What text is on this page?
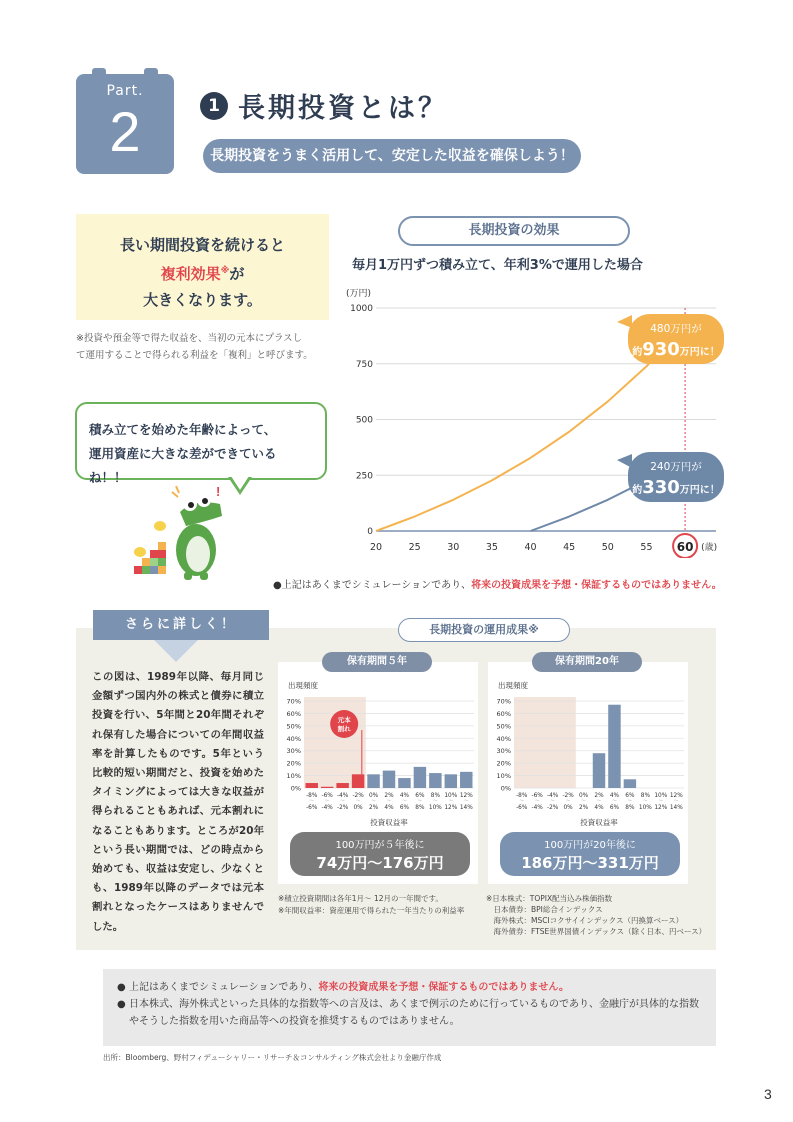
Part.
2	1 長期投資とは？
長期投資をうまく活用して、安定した収益を確保しよう！
長い期間投資を続けると
複利効果※が
大きくなります。
※投資や預金等で得た収益を、当初の元本にプラスし
て運用することで得られる利益を「複利」と呼びます。
積み立てを始めた年齢によって、
運用資産に大きな差ができているね！！
!
長期投資の効果
毎月1万円ずつ積み立て、年利3%で運用した場合
(万円)
0
250
500
750
1000
20	25	30	35	40	45	50	55 60 (歳)
480万円が
約930万円に！
240万円が
約330万円に！
●上記はあくまでシミュレーションであり、将来の投資成果を予想・保証するものではありません。
さらに詳しく！
この図は、1989年以降、毎月同じ金額ずつ国内外の株式と債券に積立投資を行い、5年間と20年間それぞれ保有した場合についての年間収益率を計算したものです。5年という比較的短い期間だと、投資を始めたタイミングによっては大きな収益が得られることもあれば、元本割れになることもあります。ところが20年という長い期間では、どの時点から始めても、収益は安定し、少なくとも、1989年以降のデータでは元本割れとなったケースはありませんでした。
長期投資の運用成果※
保有期間５年
出現頻度
0%
10%
20%
30%
40%
50%
60%
70%
-8%
〜
-6%
-6%
〜
-4%
-4%
〜
-2%
-2%
〜
0%
0%
〜
2%
2%
〜
4%
4%
〜
6%
6%
〜
8%
8%
〜
10%
10%
〜
12%
12%
〜
14%
投資収益率
元本
割れ
100万円が５年後に
74万円〜176万円
保有期間20年
出現頻度
0%
10%
20%
30%
40%
50%
60%
70%
-8%
〜
-6%
-6%
〜
-4%
-4%
〜
-2%
-2%
〜
0%
0%
〜
2%
2%
〜
4%
4%
〜
6%
6%
〜
8%
8%
〜
10%
10%
〜
12%
12%
〜
14%
投資収益率
100万円が20年後に
186万円〜331万円
※積立投資期間は各年1月〜 12月の一年間です。
※年間収益率：資産運用で得られた一年当たりの利益率
※日本株式：TOPIX配当込み株価指数
　日本債券：BPI総合インデックス
　海外株式：MSCIコクサイインデックス（円換算ベース）
　海外債券：FTSE世界国債インデックス（除く日本、円ベース）
● 上記はあくまでシミュレーションであり、将来の投資成果を予想・保証するものではありません。
● 日本株式、海外株式といった具体的な指数等への言及は、あくまで例示のために行っているものであり、金融庁が具体的な指数やそうした指数を用いた商品等への投資を推奨するものではありません。
出所：Bloomberg、野村フィデューシャリー・リサーチ＆コンサルティング株式会社より金融庁作成
3
